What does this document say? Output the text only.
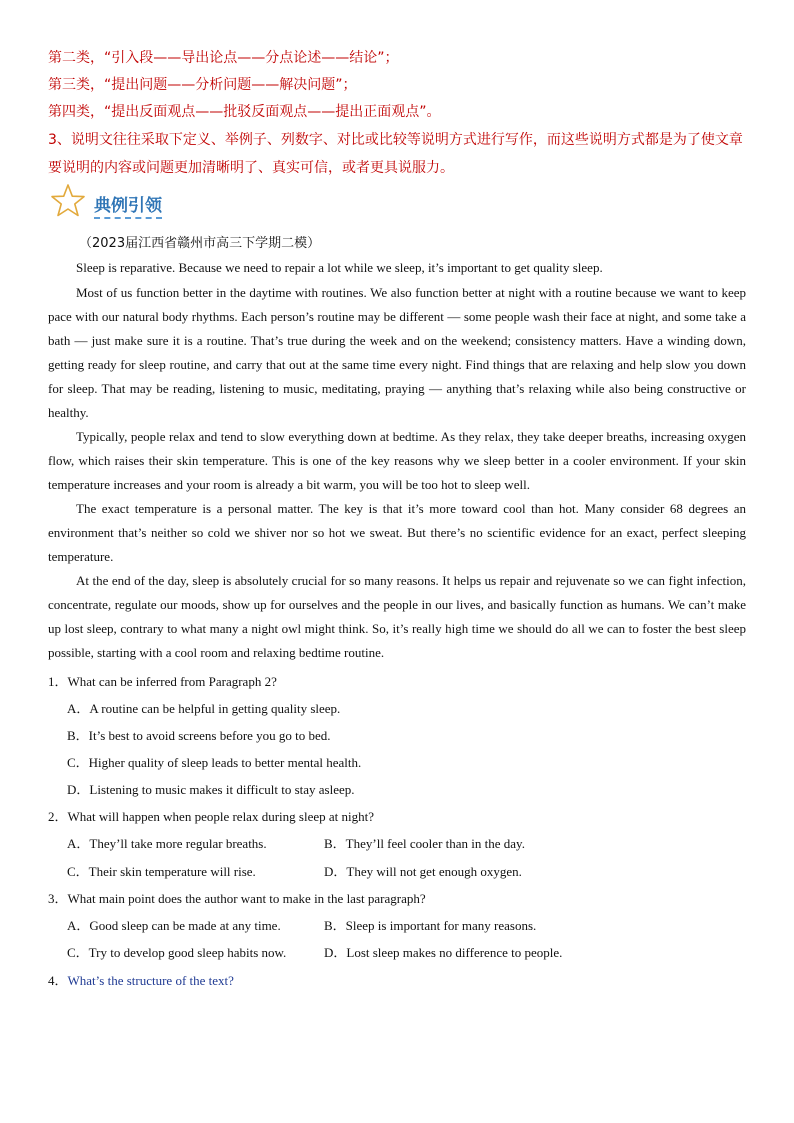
第二类，“引入段——导出论点——分点论述——结论”；
第三类，“提出问题——分析问题——解决问题”；
第四类，“提出反面观点——批驳反面观点——提出正面观点”。
3、说明文往往采取下定义、举例子、列数字、对比或比较等说明方式进行写作，而这些说明方式都是为了使文章
要说明的内容或问题更加清晰明了、真实可信，或者更具说服力。
典例引领
（2023届江西省赣州市高三下学期二模）

Sleep is reparative. Because we need to repair a lot while we sleep, it’s important to get quality sleep.

Most of us function better in the daytime with routines. We also function better at night with a routine because we want to keep pace with our natural body rhythms. Each person’s routine may be different — some people wash their face at night, and some take a bath — just make sure it is a routine. That’s true during the week and on the weekend; consistency matters. Have a winding down, getting ready for sleep routine, and carry that out at the same time every night. Find things that are relaxing and help slow you down for sleep. That may be reading, listening to music, meditating, praying — anything that’s relaxing while also being constructive or healthy.

Typically, people relax and tend to slow everything down at bedtime. As they relax, they take deeper breaths, increasing oxygen flow, which raises their skin temperature. This is one of the key reasons why we sleep better in a cooler environment. If your skin temperature increases and your room is already a bit warm, you will be too hot to sleep well.

The exact temperature is a personal matter. The key is that it’s more toward cool than hot. Many consider 68 degrees an environment that’s neither so cold we shiver nor so hot we sweat. But there’s no scientific evidence for an exact, perfect sleeping temperature.

At the end of the day, sleep is absolutely crucial for so many reasons. It helps us repair and rejuvenate so we can fight infection, concentrate, regulate our moods, show up for ourselves and the people in our lives, and basically function as humans. We can’t make up lost sleep, contrary to what many a night owl might think. So, it’s really high time we should do all we can to foster the best sleep possible, starting with a cool room and relaxing bedtime routine.

1．What can be inferred from Paragraph 2?
A．A routine can be helpful in getting quality sleep.
B．It’s best to avoid screens before you go to bed.
C．Higher quality of sleep leads to better mental health.
D．Listening to music makes it difficult to stay asleep.
2．What will happen when people relax during sleep at night?
A．They’ll take more regular breaths.	B．They’ll feel cooler than in the day.
C．Their skin temperature will rise.	D．They will not get enough oxygen.
3．What main point does the author want to make in the last paragraph?
A．Good sleep can be made at any time.	B．Sleep is important for many reasons.
C．Try to develop good sleep habits now.	D．Lost sleep makes no difference to people.
4．What’s the structure of the text?
